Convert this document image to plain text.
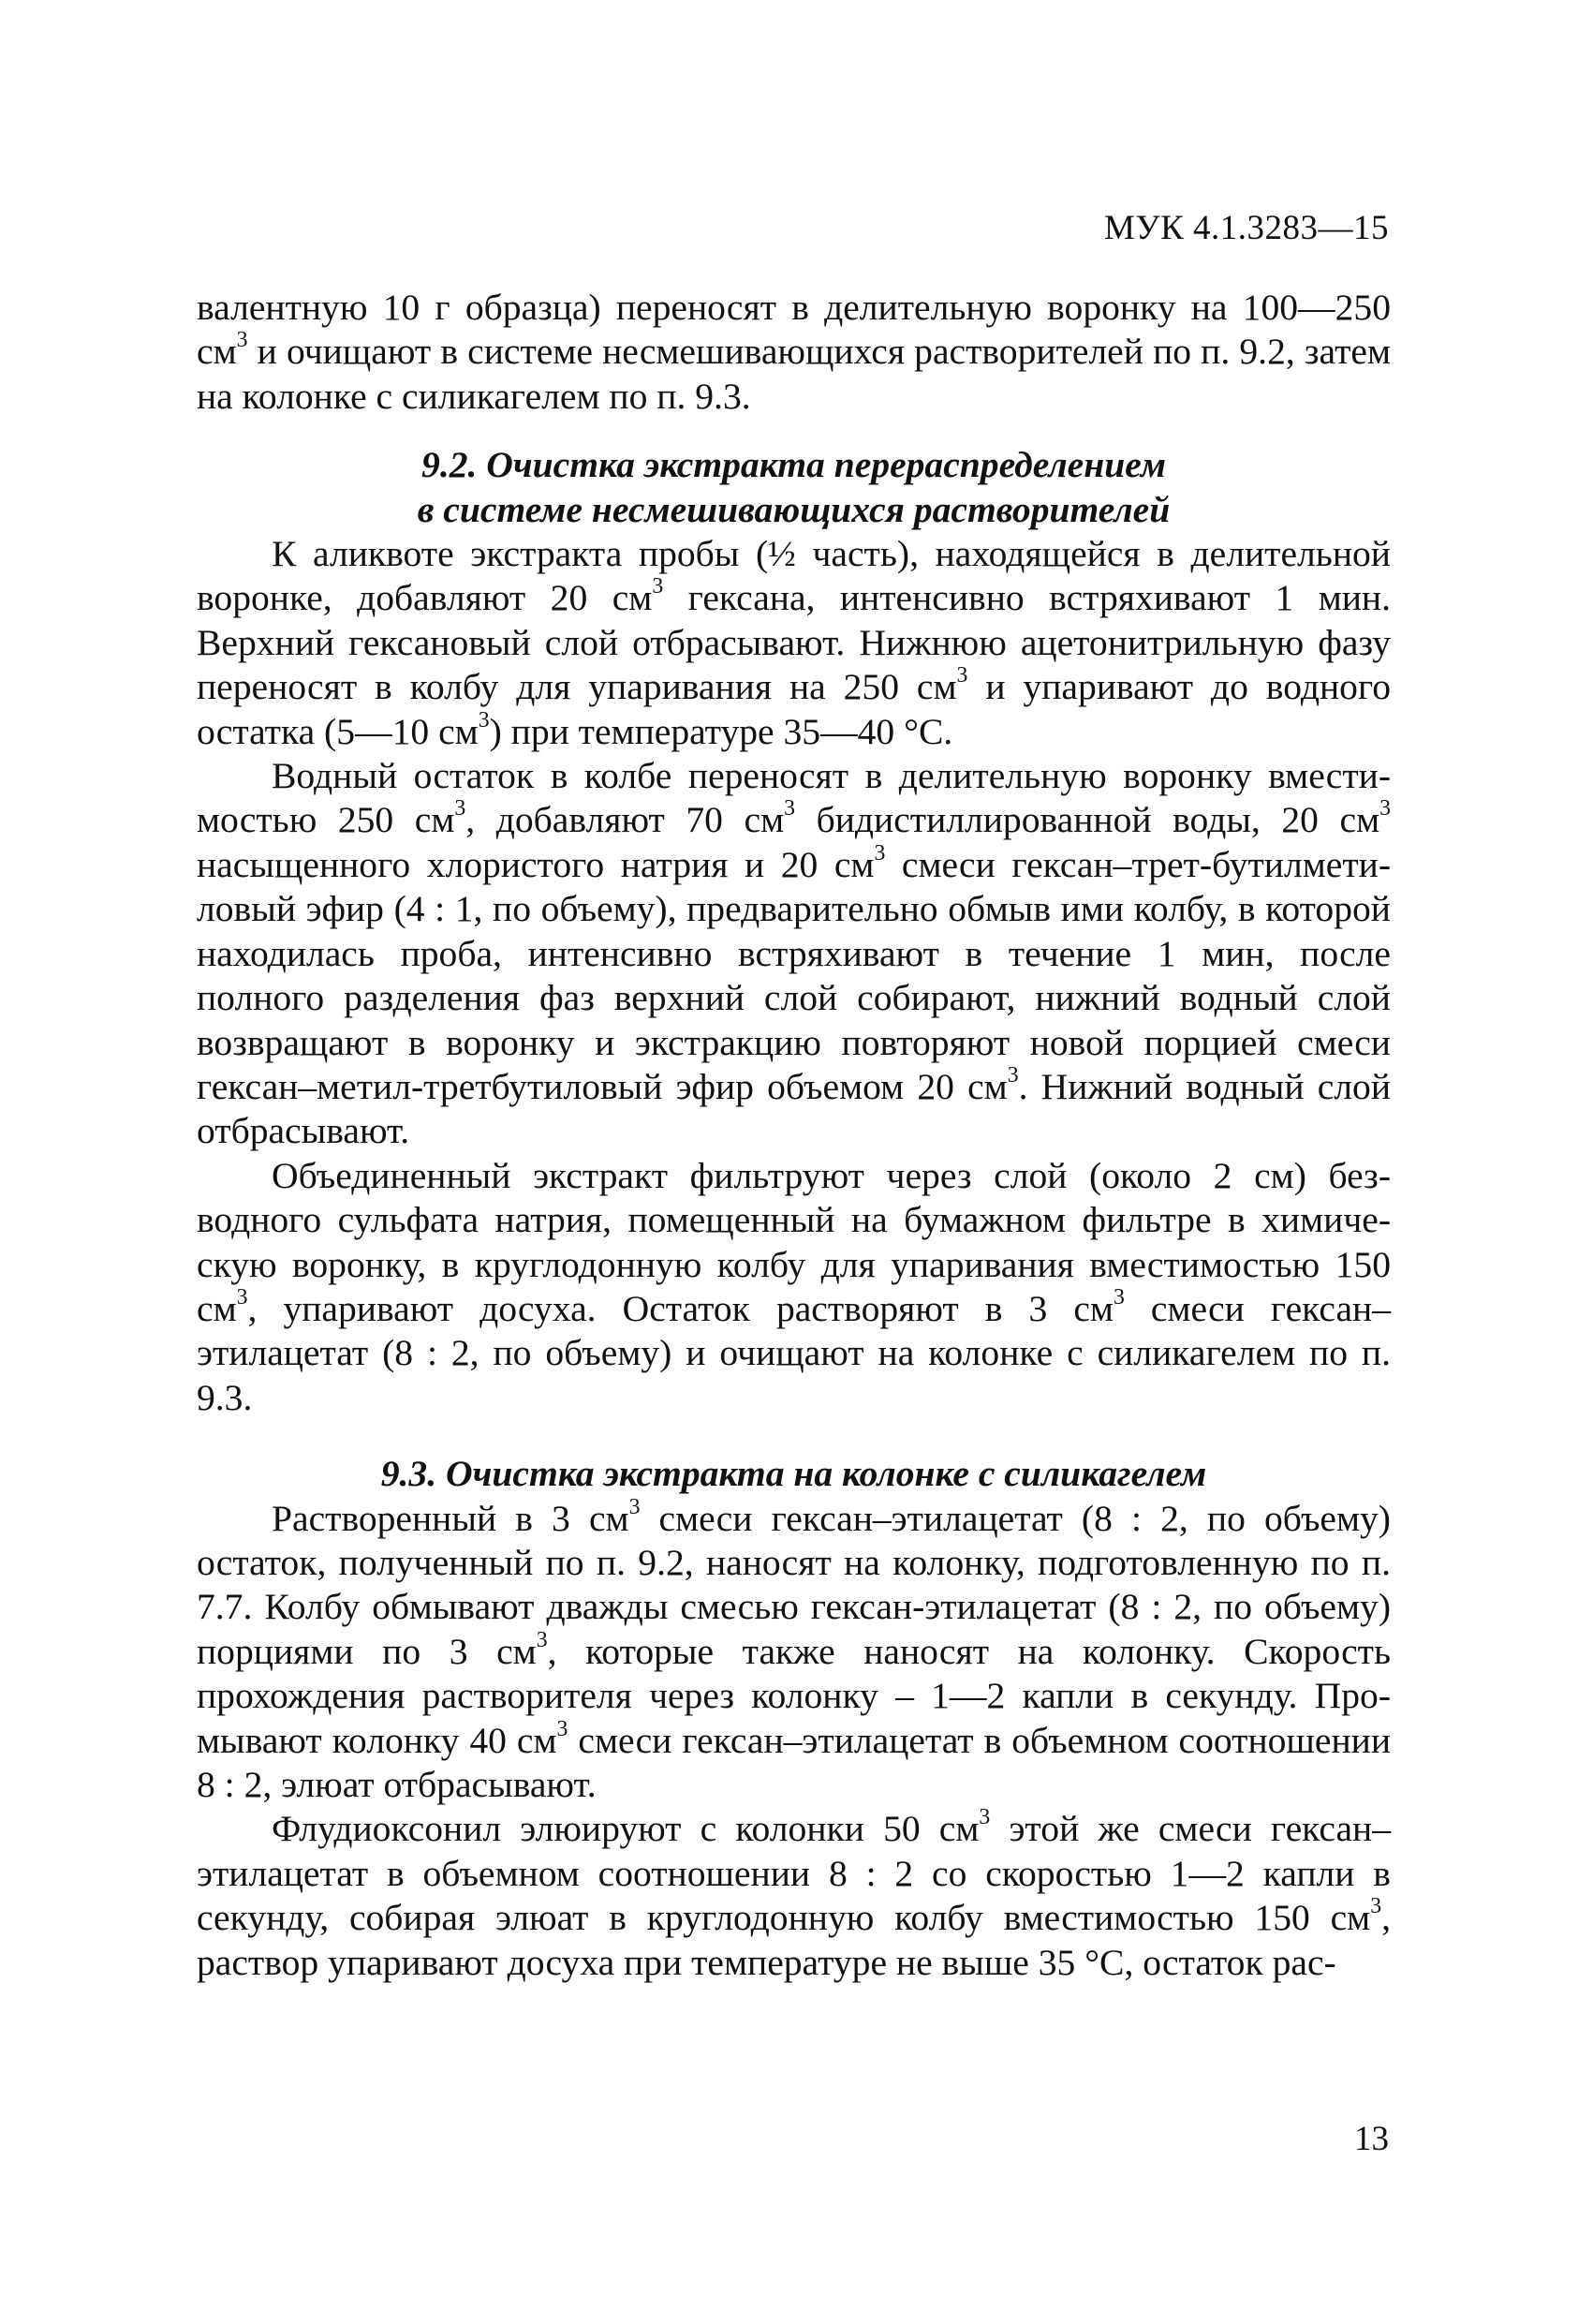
МУК 4.1.3283—15

валентную 10 г образца) переносят в делительную воронку на 100—250 $см^3$ и очищают в системе несмешивающихся растворителей по п. 9.2, затем на колонке с силикагелем по п. 9.3.

9.2. Очистка экстракта перераспределением
в системе несмешивающихся растворителей

К аликвоте экстракта пробы (½ часть), находящейся в делительной воронке, добавляют 20 $см^3$ гексана, интенсивно встряхивают 1 мин. Верхний гексановый слой отбрасывают. Нижнюю ацетонитрильную фазу переносят в колбу для упаривания на 250 $см^3$ и упаривают до водного остатка (5—10 $см^3$) при температуре 35—40 °С.

Водный остаток в колбе переносят в делительную воронку вместимостью 250 $см^3$, добавляют 70 $см^3$ бидистиллированной воды, 20 $см^3$ насыщенного хлористого натрия и 20 $см^3$ смеси гексан–трет-бутилметиловый эфир (4 : 1, по объему), предварительно обмыв ими колбу, в которой находилась проба, интенсивно встряхивают в течение 1 мин, после полного разделения фаз верхний слой собирают, нижний водный слой возвращают в воронку и экстракцию повторяют новой порцией смеси гексан–метил-третбутиловый эфир объемом 20 $см^3$. Нижний водный слой отбрасывают.

Объединенный экстракт фильтруют через слой (около 2 см) безводного сульфата натрия, помещенный на бумажном фильтре в химическую воронку, в круглодонную колбу для упаривания вместимостью 150 $см^3$, упаривают досуха. Остаток растворяют в 3 $см^3$ смеси гексан–этилацетат (8 : 2, по объему) и очищают на колонке с силикагелем по п. 9.3.

9.3. Очистка экстракта на колонке с силикагелем

Растворенный в 3 $см^3$ смеси гексан–этилацетат (8 : 2, по объему) остаток, полученный по п. 9.2, наносят на колонку, подготовленную по п. 7.7. Колбу обмывают дважды смесью гексан-этилацетат (8 : 2, по объему) порциями по 3 $см^3$, которые также наносят на колонку. Скорость прохождения растворителя через колонку – 1—2 капли в секунду. Промывают колонку 40 $см^3$ смеси гексан–этилацетат в объемном соотношении 8 : 2, элюат отбрасывают.

Флудиоксонил элюируют с колонки 50 $см^3$ этой же смеси гексан–этилацетат в объемном соотношении 8 : 2 со скоростью 1—2 капли в секунду, собирая элюат в круглодонную колбу вместимостью 150 $см^3$, раствор упаривают досуха при температуре не выше 35 °С, остаток рас-

13
